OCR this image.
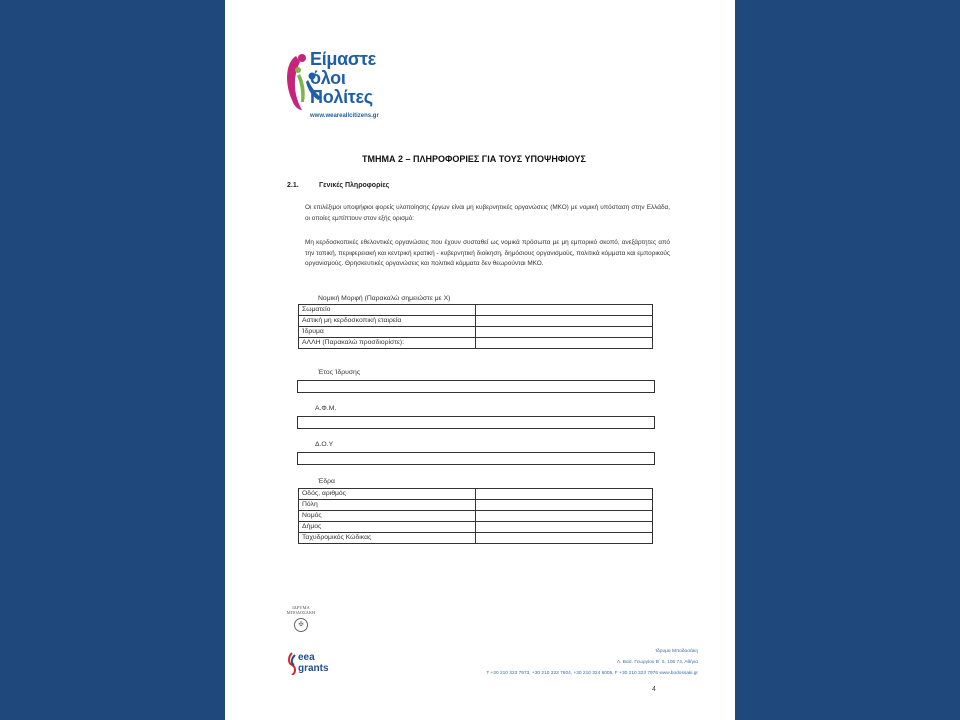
Είμαστε
όλοι
Πολίτες
www.weareallcitizens.gr
ΤΜΗΜΑ 2 – ΠΛΗΡΟΦΟΡΙΕΣ ΓΙΑ ΤΟΥΣ ΥΠΟΨΗΦΙΟΥΣ
2.1.	Γενικές Πληροφορίες
Οι επιλέξιμοι υποψήφιοι φορείς υλοποίησης έργων είναι μη κυβερνητικές οργανώσεις (ΜΚΟ) με νομική υπόσταση στην Ελλάδα, οι οποίες εμπίπτουν στον εξής ορισμό:
Μη κερδοσκοπικές εθελοντικές οργανώσεις που έχουν συσταθεί ως νομικά πρόσωπα με μη εμπορικό σκοπό, ανεξάρτητες από την τοπική, περιφερειακή και κεντρική κρατική - κυβερνητική διοίκηση, δημόσιους οργανισμούς, πολιτικά κόμματα και εμπορικούς οργανισμούς. Θρησκευτικές οργανώσεις και πολιτικά κόμματα δεν θεωρούνται ΜΚΟ.
Νομική Μορφή (Παρακαλώ σημειώστε με Χ)
Σωματείο	
Αστική μη κερδοσκοπική εταιρεία	
Ίδρυμα	
ΑΛΛΗ (Παρακαλώ προσδιορίστε):	
Έτος Ίδρυσης
Α.Φ.Μ.
Δ.Ο.Υ
Έδρα
Οδός, αριθμός	
Πόλη	
Νομός	
Δήμος	
Ταχυδρομικός Κώδικας	
ΙΔΡΥΜΑ ΜΠΟΔΟΣΑΚΗ
✠
eea
grants
Ίδρυμα Μποδοσάκη
Λ. Βασ. Γεωργίου Β΄ 5, 106 74, Αθήνα
Τ +30 210 323 7973, +30 210 323 7604, +30 210 324 6005, F +30 210 323 7976 www.bodossaki.gr
4
